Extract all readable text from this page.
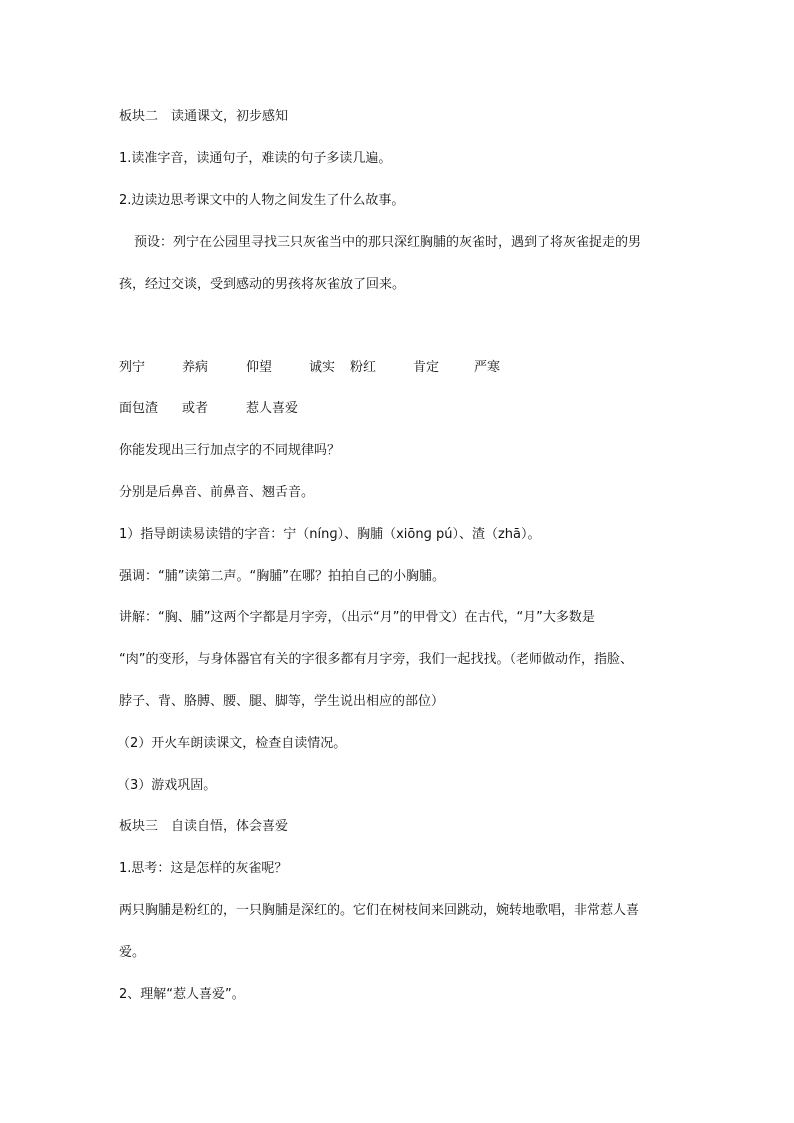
板块二　读通课文，初步感知
1.读准字音，读通句子，难读的句子多读几遍。
2.边读边思考课文中的人物之间发生了什么故事。
预设：列宁在公园里寻找三只灰雀当中的那只深红胸脯的灰雀时，遇到了将灰雀捉走的男
孩，经过交谈，受到感动的男孩将灰雀放了回来。
列宁	养病	仰望	诚实 粉红	肯定	严寒
面包渣 或者	惹人喜爱
你能发现出三行加点字的不同规律吗？
分别是后鼻音、前鼻音、翘舌音。
1）指导朗读易读错的字音：宁（nínɡ）、胸脯（xiōnɡ pú）、渣（zhā）。
强调：“脯”读第二声。“胸脯”在哪？拍拍自己的小胸脯。
讲解：“胸、脯”这两个字都是月字旁，（出示“月”的甲骨文）在古代，“月”大多数是
“肉”的变形，与身体器官有关的字很多都有月字旁，我们一起找找。（老师做动作，指脸、
脖子、背、胳膊、腰、腿、脚等，学生说出相应的部位）
（2）开火车朗读课文，检查自读情况。
（3）游戏巩固。
板块三　自读自悟，体会喜爱
1.思考：这是怎样的灰雀呢？
两只胸脯是粉红的，一只胸脯是深红的。它们在树枝间来回跳动，婉转地歌唱，非常惹人喜
爱。
2、理解“惹人喜爱”。
